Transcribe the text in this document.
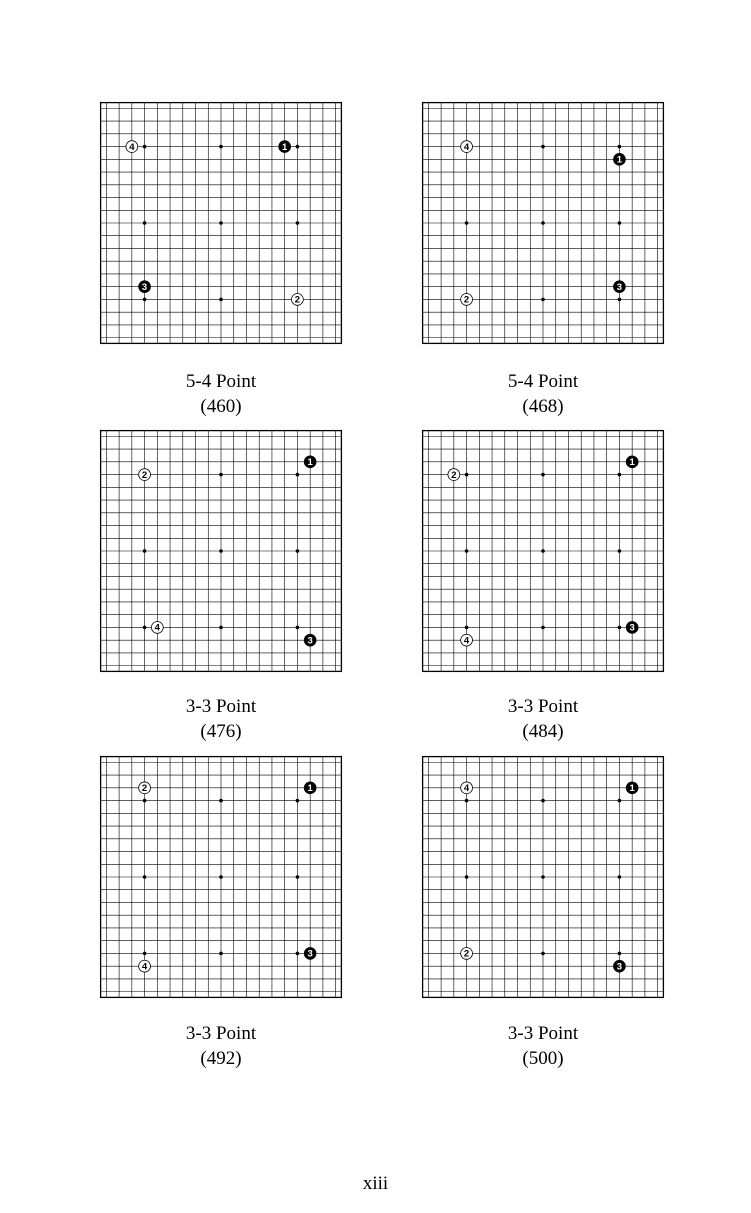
1
2
3
4
5-4 Point
(460)
1
2
3
4
5-4 Point
(468)
1
2
3
4
3-3 Point
(476)
1
2
3
4
3-3 Point
(484)
1
2
3
4
3-3 Point
(492)
1
2
3
4
3-3 Point
(500)
xiii
